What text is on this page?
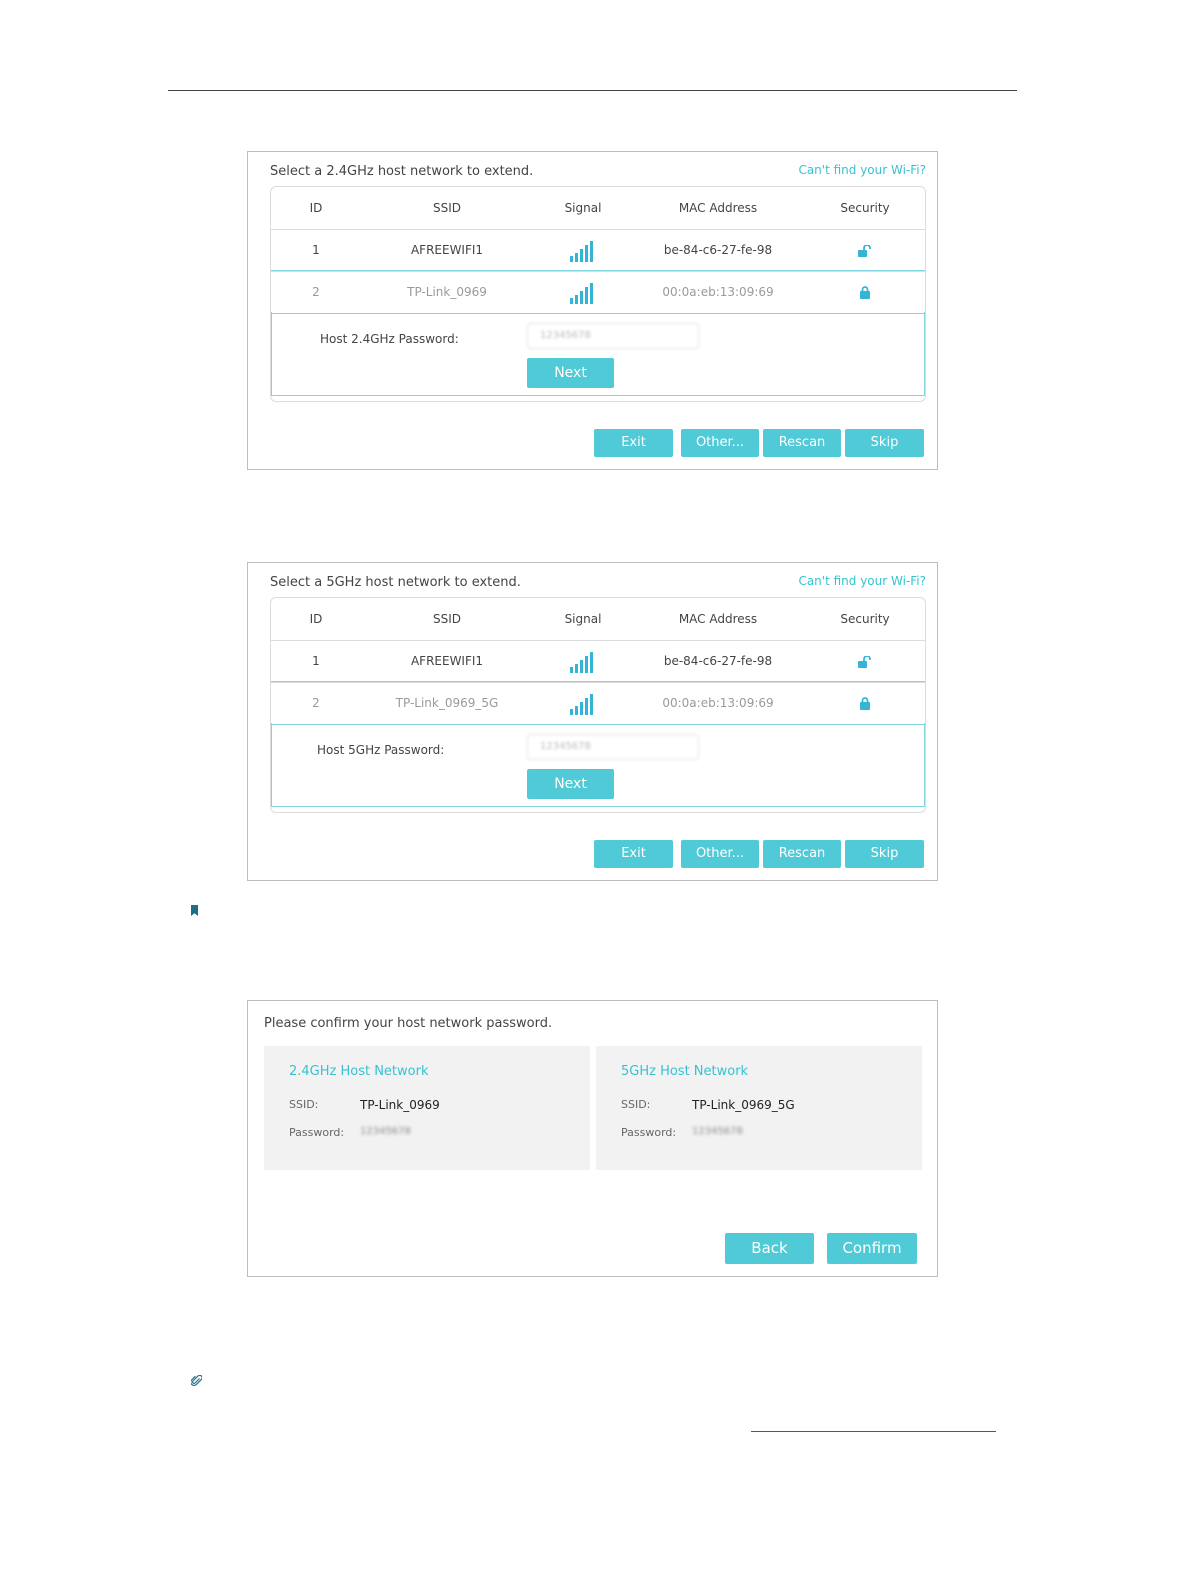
Select a 2.4GHz host network to extend.	Can't find your Wi-Fi?
ID	SSID	Signal	MAC Address	Security
1	AFREEWIFI1	be-84-c6-27-fe-98
2	TP-Link_0969	00:0a:eb:13:09:69
Host 2.4GHz Password:	12345678
Next
Exit	Other...	Rescan	Skip
Select a 5GHz host network to extend.	Can't find your Wi-Fi?
ID	SSID	Signal	MAC Address	Security
1	AFREEWIFI1	be-84-c6-27-fe-98
2	TP-Link_0969_5G	00:0a:eb:13:09:69
Host 5GHz Password:	12345678
Next
Exit	Other...	Rescan	Skip
Please confirm your host network password.
2.4GHz Host Network
SSID:	TP-Link_0969
Password: 12345678
5GHz Host Network
SSID:	TP-Link_0969_5G
Password: 12345678
Back	Confirm
